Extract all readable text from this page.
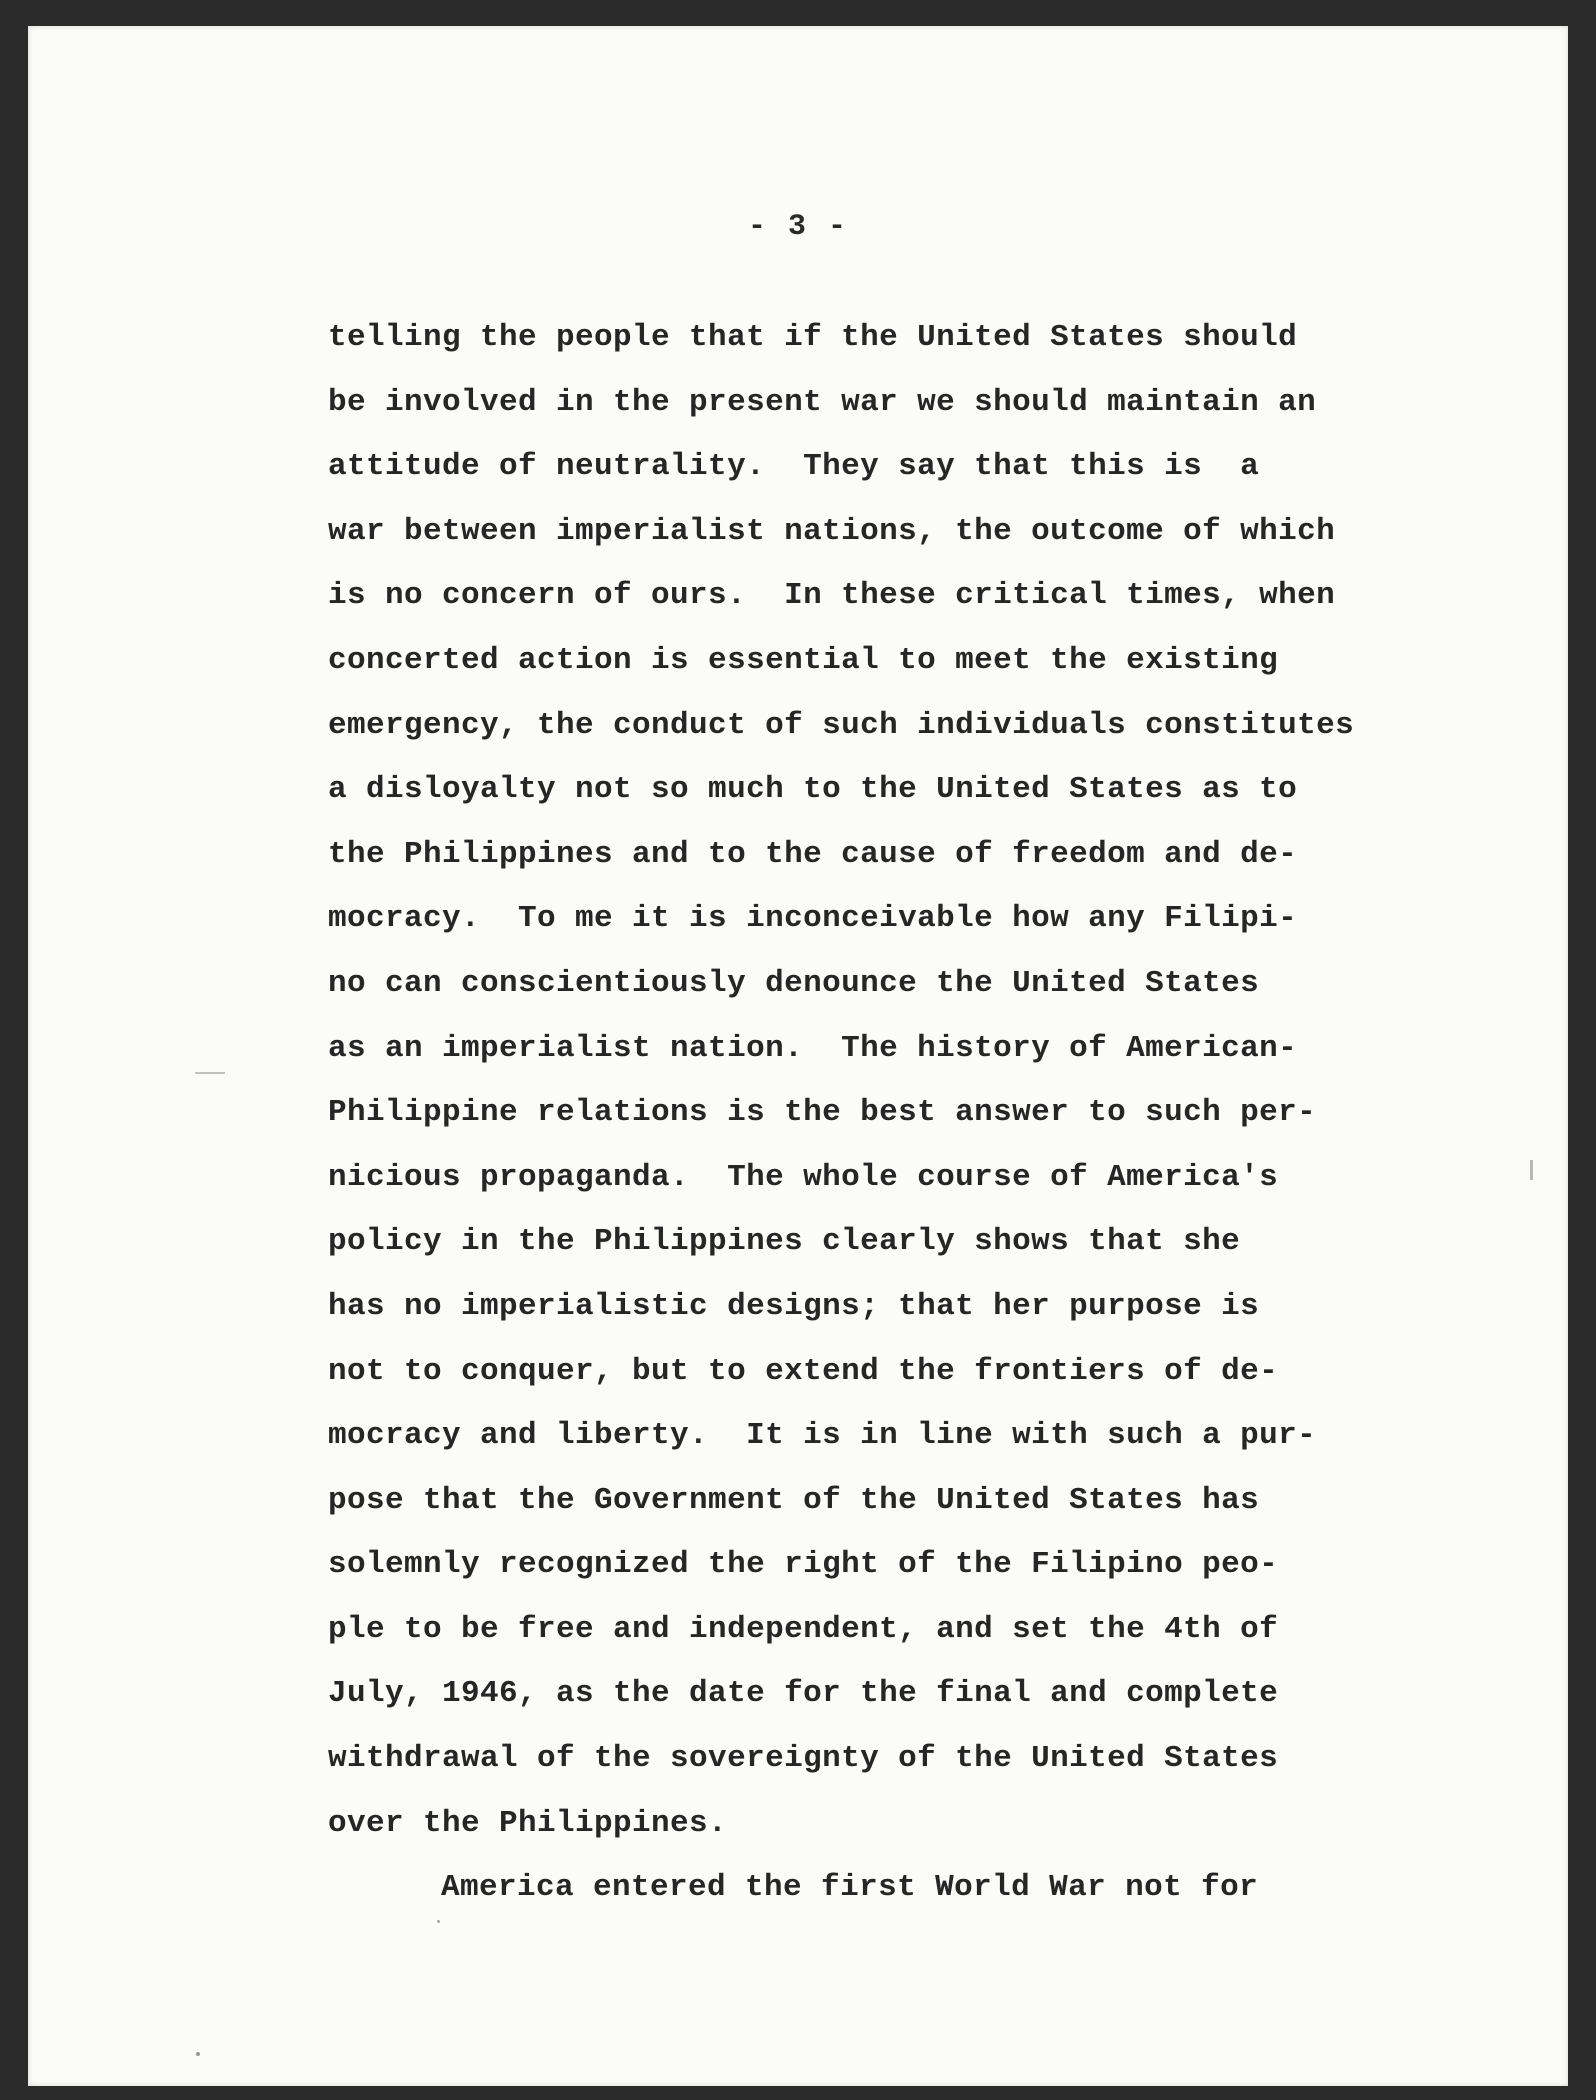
- 3 -
telling the people that if the United States should
be involved in the present war we should maintain an
attitude of neutrality.  They say that this is  a
war between imperialist nations, the outcome of which
is no concern of ours.  In these critical times, when
concerted action is essential to meet the existing
emergency, the conduct of such individuals constitutes
a disloyalty not so much to the United States as to
the Philippines and to the cause of freedom and de-
mocracy.  To me it is inconceivable how any Filipi-
no can conscientiously denounce the United States
as an imperialist nation.  The history of American-
Philippine relations is the best answer to such per-
nicious propaganda.  The whole course of America's
policy in the Philippines clearly shows that she
has no imperialistic designs; that her purpose is
not to conquer, but to extend the frontiers of de-
mocracy and liberty.  It is in line with such a pur-
pose that the Government of the United States has
solemnly recognized the right of the Filipino peo-
ple to be free and independent, and set the 4th of
July, 1946, as the date for the final and complete
withdrawal of the sovereignty of the United States
over the Philippines.
America entered the first World War not for
